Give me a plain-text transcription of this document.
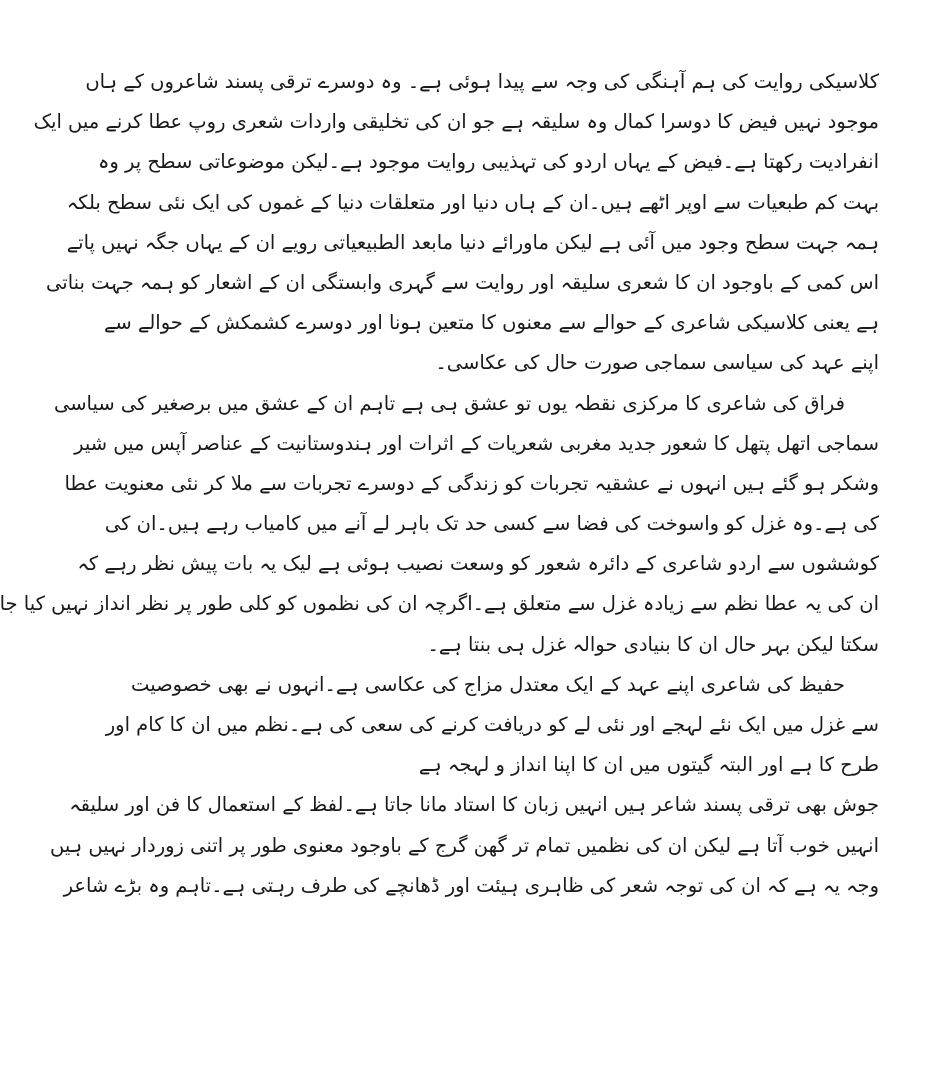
کلاسیکی روایت کی ہم آہنگی کی وجہ سے پیدا ہوئی ہے۔ وہ دوسرے ترقی پسند شاعروں کے ہاں
موجود نہیں فیض کا دوسرا کمال وہ سلیقہ ہے جو ان کی تخلیقی واردات شعری روپ عطا کرنے میں ایک
انفرادیت رکھتا ہے۔فیض کے یہاں اردو کی تہذیبی روایت موجود ہے۔لیکن موضوعاتی سطح پر وہ
بہت کم طبعیات سے اوپر اٹھے ہیں۔ان کے ہاں دنیا اور متعلقات دنیا کے غموں کی ایک نئی سطح بلکہ
ہمہ جہت سطح وجود میں آئی ہے لیکن ماورائے دنیا مابعد الطبیعیاتی رویے ان کے یہاں جگہ نہیں پاتے
اس کمی کے باوجود ان کا شعری سلیقہ اور روایت سے گہری وابستگی ان کے اشعار کو ہمہ جہت بناتی
ہے یعنی کلاسیکی شاعری کے حوالے سے معنوں کا متعین ہونا اور دوسرے کشمکش کے حوالے سے
اپنے عہد کی سیاسی سماجی صورت حال کی عکاسی۔
فراق کی شاعری کا مرکزی نقطہ یوں تو عشق ہی ہے تاہم ان کے عشق میں برصغیر کی سیاسی
سماجی اتھل پتھل کا شعور جدید مغربی شعریات کے اثرات اور ہندوستانیت کے عناصر آپس میں شیر
وشکر ہو گئے ہیں انہوں نے عشقیہ تجربات کو زندگی کے دوسرے تجربات سے ملا کر نئی معنویت عطا
کی ہے۔وہ غزل کو واسوخت کی فضا سے کسی حد تک باہر لے آنے میں کامیاب رہے ہیں۔ان کی
کوششوں سے اردو شاعری کے دائرہ شعور کو وسعت نصیب ہوئی ہے لیک یہ بات پیش نظر رہے کہ
ان کی یہ عطا نظم سے زیادہ غزل سے متعلق ہے۔اگرچہ ان کی نظموں کو کلی طور پر نظر انداز نہیں کیا جا
سکتا لیکن بہر حال ان کا بنیادی حوالہ غزل ہی بنتا ہے۔
حفیظ کی شاعری اپنے عہد کے ایک معتدل مزاج کی عکاسی ہے۔انہوں نے بھی خصوصیت
سے غزل میں ایک نئے لہجے اور نئی لے کو دریافت کرنے کی سعی کی ہے۔نظم میں ان کا کام اور
طرح کا ہے اور البتہ گیتوں میں ان کا اپنا انداز و لہجہ ہے
جوش بھی ترقی پسند شاعر ہیں انہیں زبان کا استاد مانا جاتا ہے۔لفظ کے استعمال کا فن اور سلیقہ
انہیں خوب آتا ہے لیکن ان کی نظمیں تمام تر گھن گرج کے باوجود معنوی طور پر اتنی زوردار نہیں ہیں
وجہ یہ ہے کہ ان کی توجہ شعر کی ظاہری ہیئت اور ڈھانچے کی طرف رہتی ہے۔تاہم وہ بڑے شاعر
